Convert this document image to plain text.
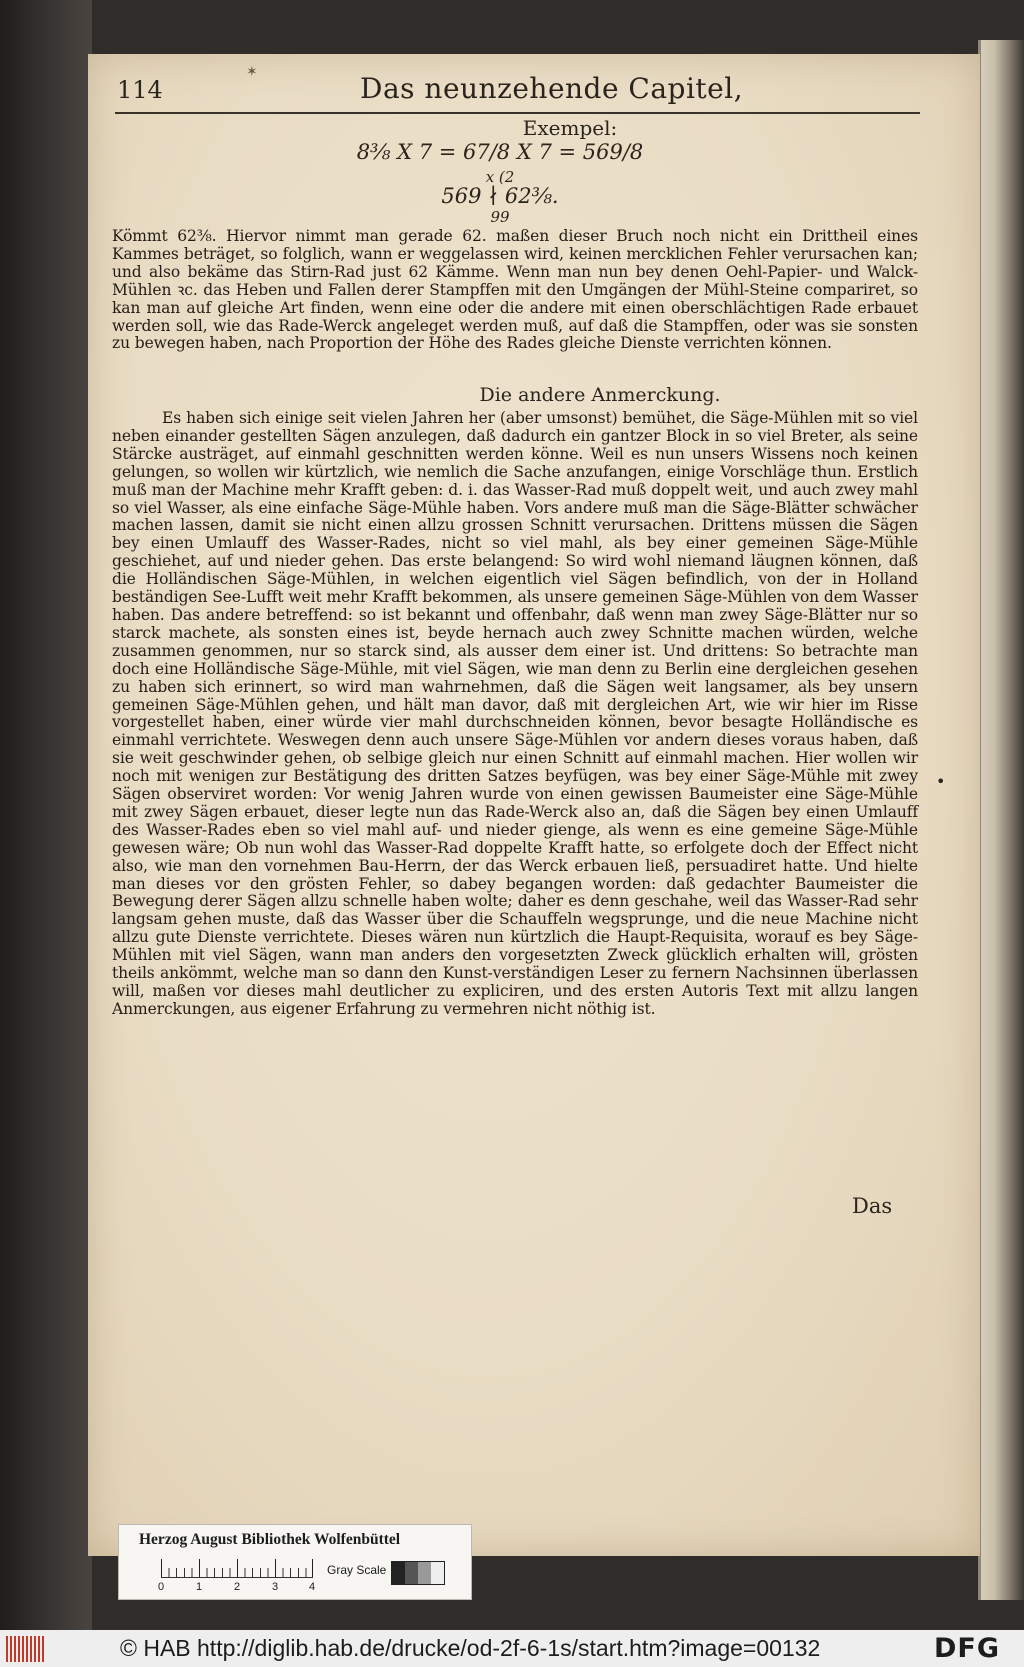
✶
114	Das neunzehende Capitel,
Exempel:
8⅜ X 7 = 67/8 X 7 = 569/8
x (2
569 ∤ 62⅜.
99
Kömmt 62⅜. Hiervor nimmt man gerade 62. maßen dieser Bruch noch nicht ein Drittheil eines Kammes beträget, so folglich, wann er weggelassen wird, keinen mercklichen Fehler verursachen kan; und also bekäme das Stirn-Rad just 62 Kämme. Wenn man nun bey denen Oehl-Papier- und Walck-Mühlen ꝛc. das Heben und Fallen derer Stampffen mit den Umgängen der Mühl-Steine compariret, so kan man auf gleiche Art finden, wenn eine oder die andere mit einen oberschlächtigen Rade erbauet werden soll, wie das Rade-Werck angeleget werden muß, auf daß die Stampffen, oder was sie sonsten zu bewegen haben, nach Proportion der Höhe des Rades gleiche Dienste verrichten können.
Die andere Anmerckung.
Es haben sich einige seit vielen Jahren her (aber umsonst) bemühet, die Säge-Mühlen mit so viel neben einander gestellten Sägen anzulegen, daß dadurch ein gantzer Block in so viel Breter, als seine Stärcke austräget, auf einmahl geschnitten werden könne. Weil es nun unsers Wissens noch keinen gelungen, so wollen wir kürtzlich, wie nemlich die Sache anzufangen, einige Vorschläge thun. Erstlich muß man der Machine mehr Krafft geben: d. i. das Wasser-Rad muß doppelt weit, und auch zwey mahl so viel Wasser, als eine einfache Säge-Mühle haben. Vors andere muß man die Säge-Blätter schwächer machen lassen, damit sie nicht einen allzu grossen Schnitt verursachen. Drittens müssen die Sägen bey einen Umlauff des Wasser-Rades, nicht so viel mahl, als bey einer gemeinen Säge-Mühle geschiehet, auf und nieder gehen. Das erste belangend: So wird wohl niemand läugnen können, daß die Holländischen Säge-Mühlen, in welchen eigentlich viel Sägen befindlich, von der in Holland beständigen See-Lufft weit mehr Krafft bekommen, als unsere gemeinen Säge-Mühlen von dem Wasser haben. Das andere betreffend: so ist bekannt und offenbahr, daß wenn man zwey Säge-Blätter nur so starck machete, als sonsten eines ist, beyde hernach auch zwey Schnitte machen würden, welche zusammen genommen, nur so starck sind, als ausser dem einer ist. Und drittens: So betrachte man doch eine Holländische Säge-Mühle, mit viel Sägen, wie man denn zu Berlin eine dergleichen gesehen zu haben sich erinnert, so wird man wahrnehmen, daß die Sägen weit langsamer, als bey unsern gemeinen Säge-Mühlen gehen, und hält man davor, daß mit dergleichen Art, wie wir hier im Risse vorgestellet haben, einer würde vier mahl durchschneiden können, bevor besagte Holländische es einmahl verrichtete. Weswegen denn auch unsere Säge-Mühlen vor andern dieses voraus haben, daß sie weit geschwinder gehen, ob selbige gleich nur einen Schnitt auf einmahl machen. Hier wollen wir noch mit wenigen zur Bestätigung des dritten Satzes beyfügen, was bey einer Säge-Mühle mit zwey Sägen observiret worden: Vor wenig Jahren wurde von einen gewissen Baumeister eine Säge-Mühle mit zwey Sägen erbauet, dieser legte nun das Rade-Werck also an, daß die Sägen bey einen Umlauff des Wasser-Rades eben so viel mahl auf- und nieder gienge, als wenn es eine gemeine Säge-Mühle gewesen wäre; Ob nun wohl das Wasser-Rad doppelte Krafft hatte, so erfolgete doch der Effect nicht also, wie man den vornehmen Bau-Herrn, der das Werck erbauen ließ, persuadiret hatte. Und hielte man dieses vor den grösten Fehler, so dabey begangen worden: daß gedachter Baumeister die Bewegung derer Sägen allzu schnelle haben wolte; daher es denn geschahe, weil das Wasser-Rad sehr langsam gehen muste, daß das Wasser über die Schauffeln wegsprunge, und die neue Machine nicht allzu gute Dienste verrichtete. Dieses wären nun kürtzlich die Haupt-Requisita, worauf es bey Säge-Mühlen mit viel Sägen, wann man anders den vorgesetzten Zweck glücklich erhalten will, grösten theils ankömmt, welche man so dann den Kunst-verständigen Leser zu fernern Nachsinnen überlassen will, maßen vor dieses mahl deutlicher zu expliciren, und des ersten Autoris Text mit allzu langen Anmerckungen, aus eigener Erfahrung zu vermehren nicht nöthig ist.
•
Das
Herzog August Bibliothek Wolfenbüttel
0	1	2	3	4
Gray Scale
© HAB http://diglib.hab.de/drucke/od-2f-6-1s/start.htm?image=00132	DFG
